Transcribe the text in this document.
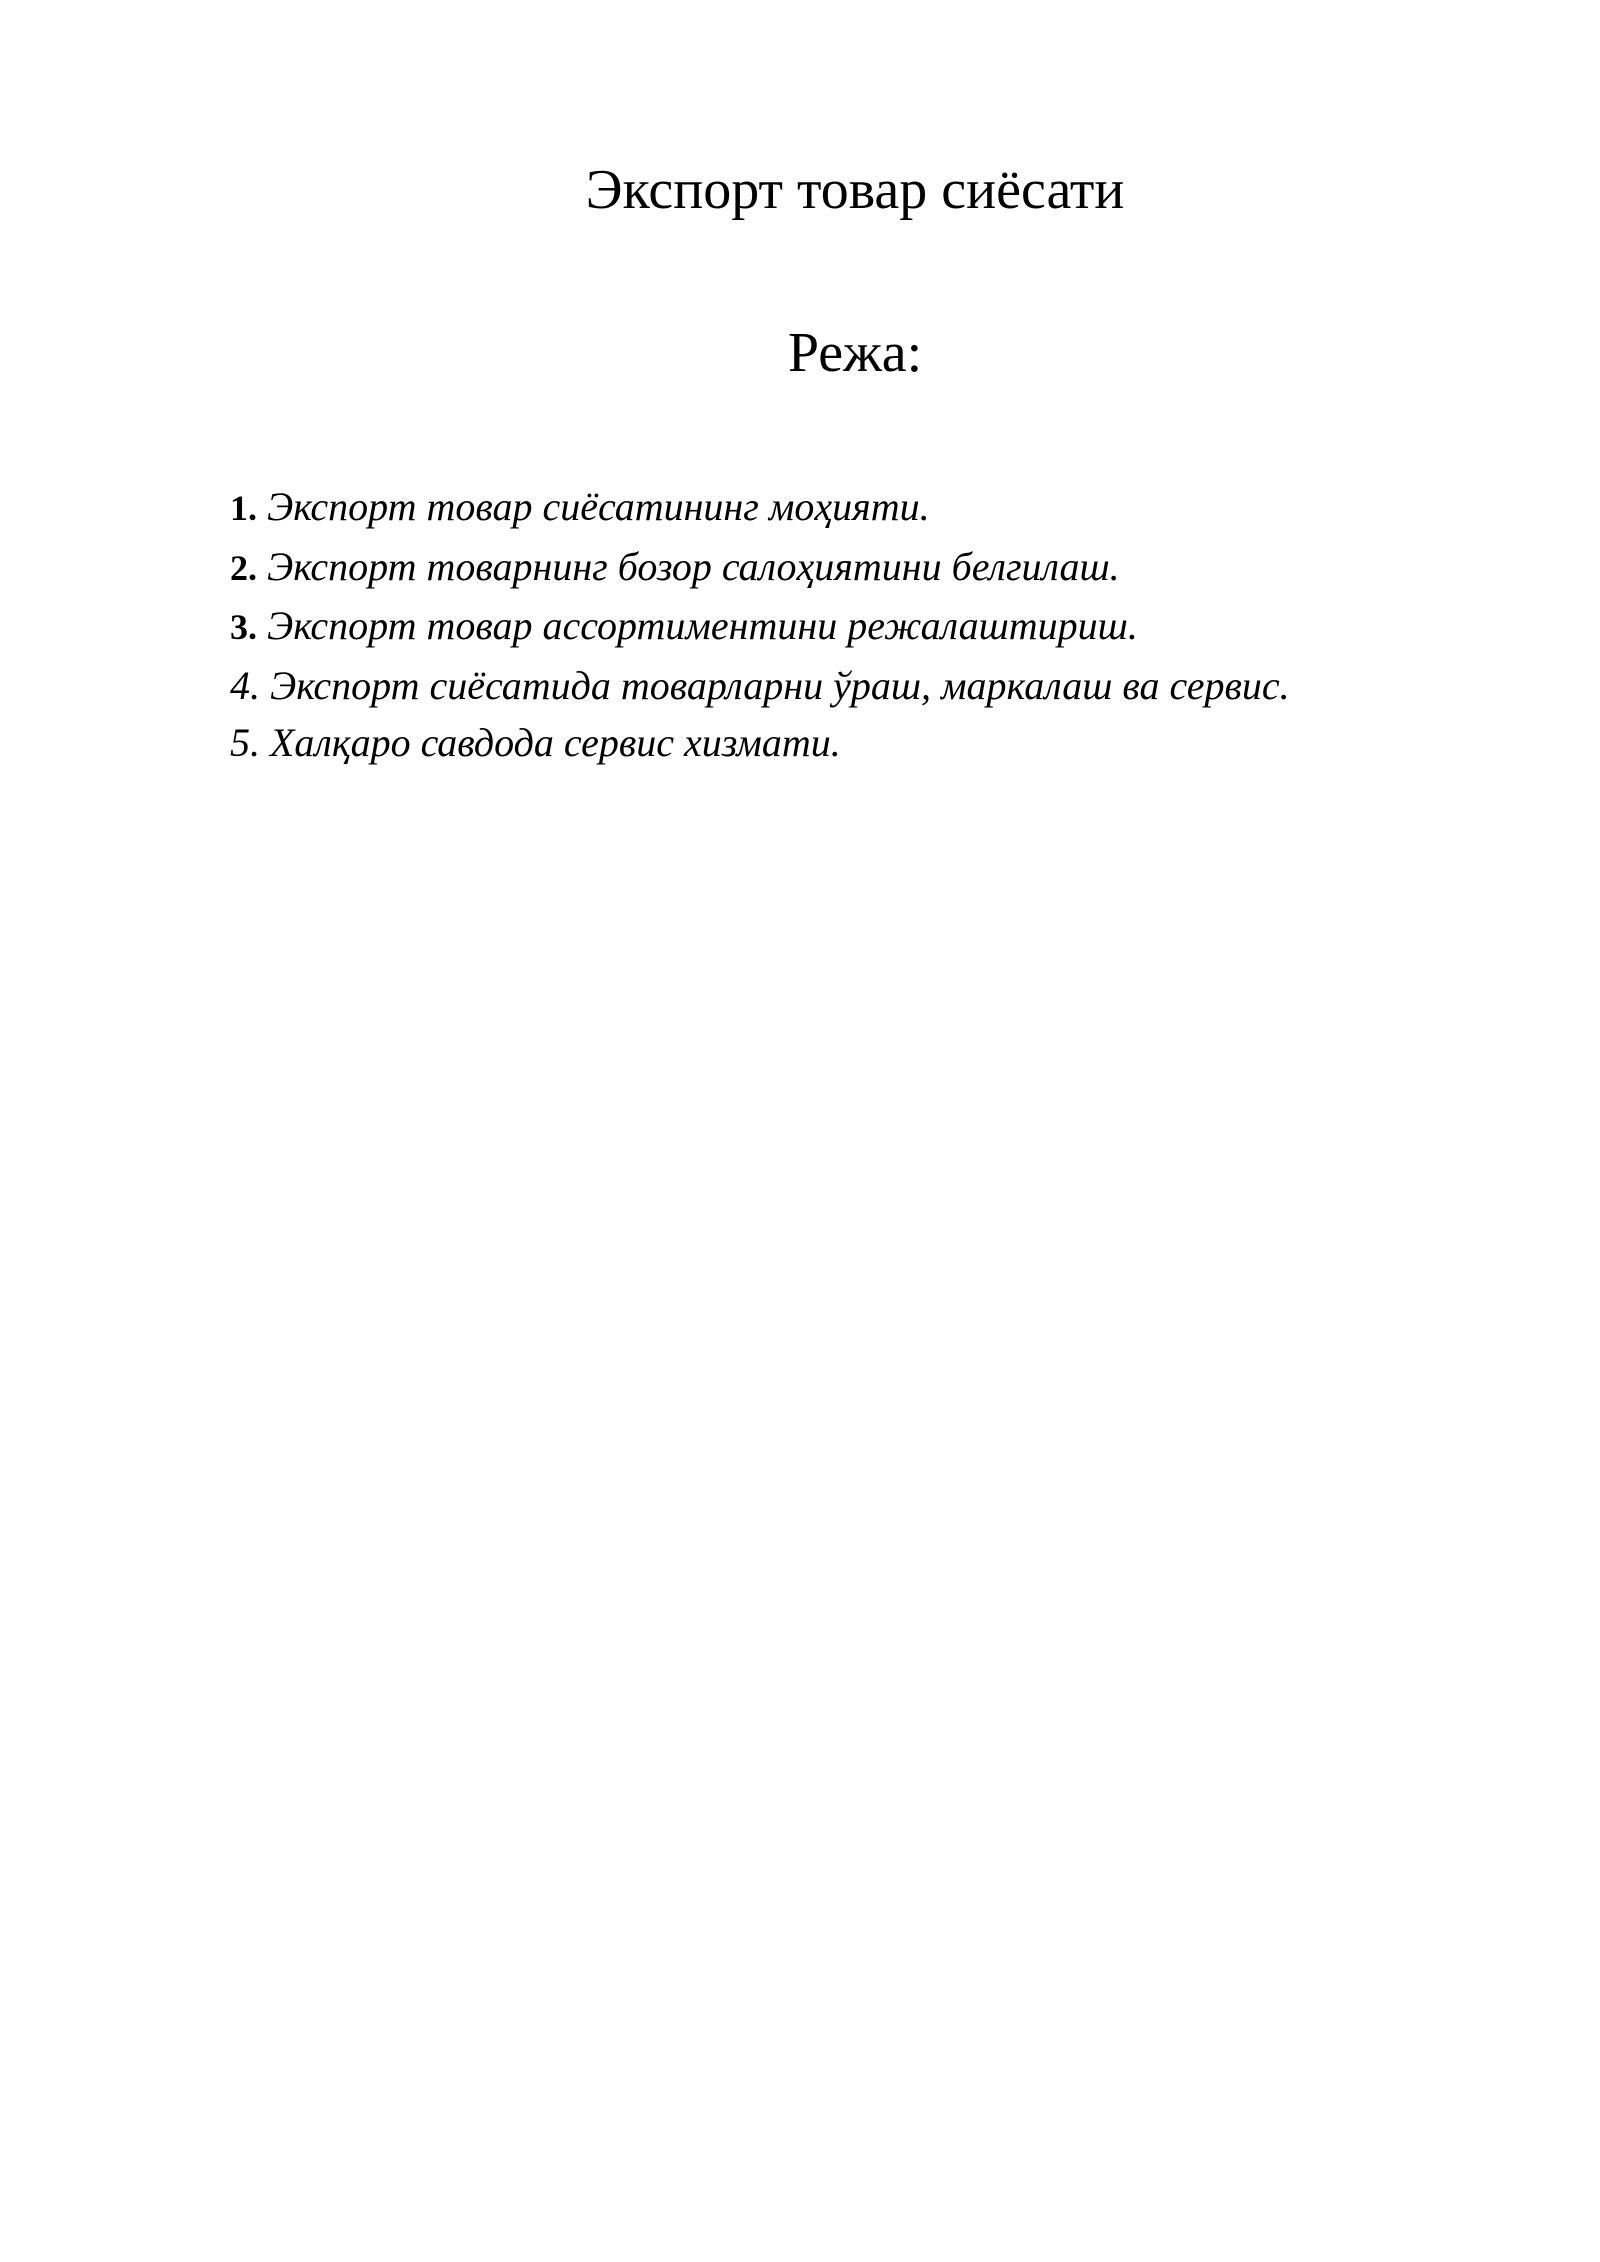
Экспорт товар сиёсати
Режа:
1. Экспорт товар сиёсатининг моҳияти.
2. Экспорт товарнинг бозор салоҳиятини белгилаш.
3. Экспорт товар ассортиментини режалаштириш.
4. Экспорт сиёсатида товарларни ўраш, маркалаш ва сервис.
5. Халқаро савдода сервис хизмати.
